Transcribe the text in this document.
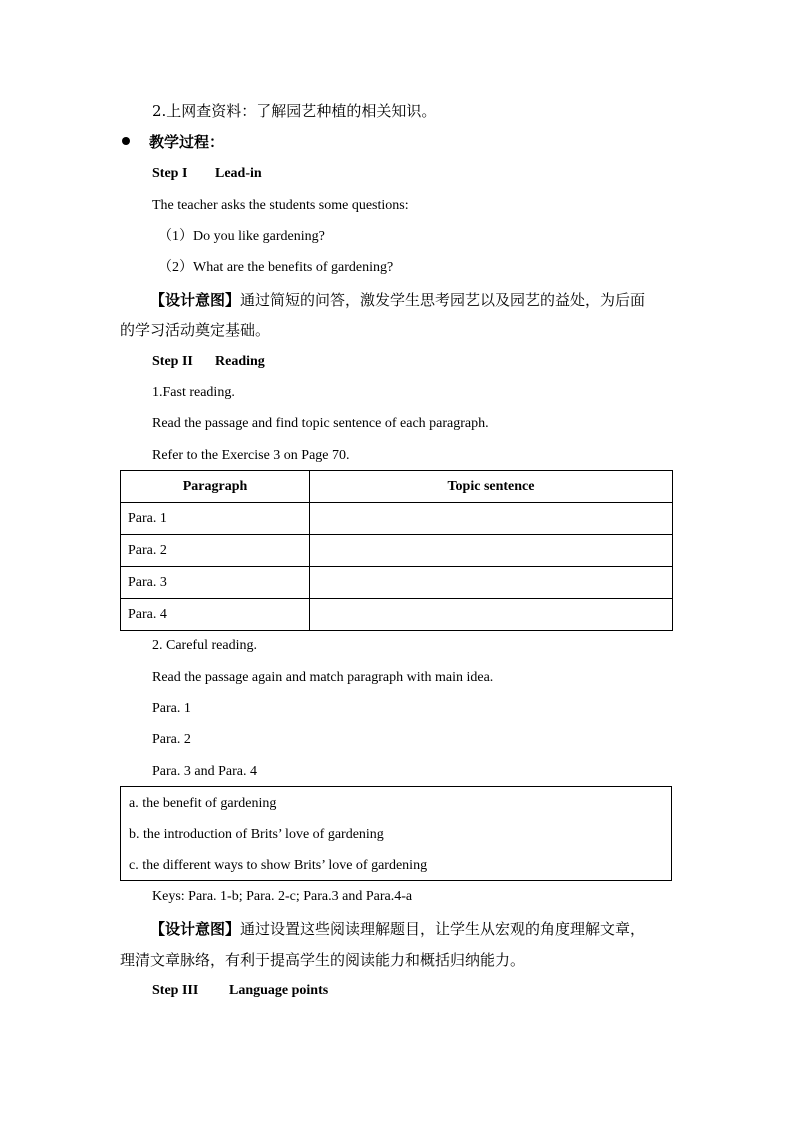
2.上网查资料：了解园艺种植的相关知识。
教学过程：
Step I Lead-in
The teacher asks the students some questions:
（1）Do you like gardening?
（2）What are the benefits of gardening?
【设计意图】通过简短的问答，激发学生思考园艺以及园艺的益处，为后面
的学习活动奠定基础。
Step II Reading
1.Fast reading.
Read the passage and find topic sentence of each paragraph.
Refer to the Exercise 3 on Page 70.
Paragraph	Topic sentence
Para. 1	
Para. 2	
Para. 3	
Para. 4	
2. Careful reading.
Read the passage again and match paragraph with main idea.
Para. 1
Para. 2
Para. 3 and Para. 4
a. the benefit of gardening
b. the introduction of Brits’ love of gardening
c. the different ways to show Brits’ love of gardening
Keys: Para. 1-b; Para. 2-c; Para.3 and Para.4-a
【设计意图】通过设置这些阅读理解题目，让学生从宏观的角度理解文章，
理清文章脉络，有利于提高学生的阅读能力和概括归纳能力。
Step III Language points
